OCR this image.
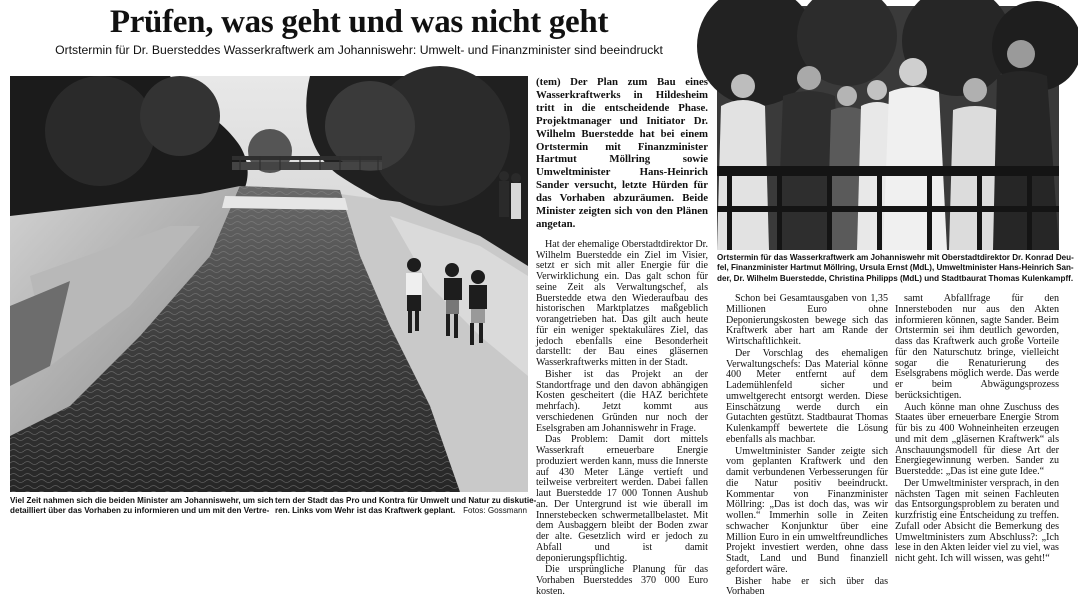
Prüfen, was geht und was nicht geht
Ortstermin für Dr. Buersteddes Wasserkraftwerk am Johanniswehr: Umwelt- und Finanzminister sind beeindruckt
Viel Zeit nahmen sich die beiden Minister am Johanniswehr, um sich
detailliert über das Vorhaben zu informieren und um mit den Vertre-
tern der Stadt das Pro und Kontra für Umwelt und Natur zu diskutie-
ren. Links vom Wehr ist das Kraftwerk geplant. Fotos: Gossmann

(tem) Der Plan zum Bau eines Wasserkraftwerks in Hildesheim tritt in die entscheidende Phase. Projektmanager und Initiator Dr. Wilhelm Buerstedde hat bei einem Ortstermin mit Finanzminister Hartmut Möllring sowie Umweltminister Hans-Heinrich Sander versucht, letzte Hürden für das Vorhaben abzuräumen. Beide Minister zeigten sich von den Plänen angetan.

Hat der ehemalige Oberstadtdirektor Dr. Wilhelm Buerstedde ein Ziel im Visier, setzt er sich mit aller Energie für die Verwirklichung ein. Das galt schon für seine Zeit als Verwaltungschef, als Buerstedde etwa den Wiederaufbau des historischen Marktplatzes maßgeblich vorangetrieben hat. Das gilt auch heute für ein weniger spektakuläres Ziel, das jedoch ebenfalls eine Besonderheit darstellt: der Bau eines gläsernen Wasserkraftwerks mitten in der Stadt.

Bisher ist das Projekt an der Standortfrage und den davon abhängigen Kosten gescheitert (die HAZ berichtete mehrfach). Jetzt kommt aus verschiedenen Gründen nur noch der Eselsgraben am Johanniswehr in Frage.

Das Problem: Damit dort mittels Wasserkraft erneuerbare Energie produziert werden kann, muss die Innerste auf 430 Meter Länge vertieft und teilweise verbreitert werden. Dabei fallen laut Buerstedde 17 000 Tonnen Aushub an. Der Untergrund ist wie überall im Innerstebecken schwermetallbelastet. Mit dem Ausbaggern bleibt der Boden zwar der alte. Gesetzlich wird er jedoch zu Abfall und ist damit deponierungspflichtig.

Die ursprüngliche Planung für das Vorhaben Buersteddes 370 000 Euro kosten.

Ortstermin für das Wasserkraftwerk am Johanniswehr mit Oberstadtdirektor Dr. Konrad Deu-
fel, Finanzminister Hartmut Möllring, Ursula Ernst (MdL), Umweltminister Hans-Heinrich San-
der, Dr. Wilhelm Buerstedde, Christina Philipps (MdL) und Stadtbaurat Thomas Kulenkampff.

Schon bei Gesamtausgaben von 1,35 Millionen Euro ohne Deponierungskosten bewege sich das Kraftwerk aber hart am Rande der Wirtschaftlichkeit.

Der Vorschlag des ehemaligen Verwaltungschefs: Das Material könne 400 Meter entfernt auf dem Lademühlenfeld sicher und umweltgerecht entsorgt werden. Diese Einschätzung werde durch ein Gutachten gestützt. Stadtbaurat Thomas Kulenkampff bewertete die Lösung ebenfalls als machbar.

Umweltminister Sander zeigte sich vom geplanten Kraftwerk und den damit verbundenen Verbesserungen für die Natur positiv beeindruckt. Kommentar von Finanzminister Möllring: „Das ist doch das, was wir wollen.“ Immerhin solle in Zeiten schwacher Konjunktur über eine Million Euro in ein umweltfreundliches Projekt investiert werden, ohne dass Stadt, Land und Bund finanziell gefordert wäre.

Bisher habe er sich über das Vorhaben

samt Abfallfrage für den Innersteboden nur aus den Akten informieren können, sagte Sander. Beim Ortstermin sei ihm deutlich geworden, dass das Kraftwerk auch große Vorteile für den Naturschutz bringe, vielleicht sogar die Renaturierung des Eselsgrabens möglich werde. Das werde er beim Abwägungsprozess berücksichtigen.

Auch könne man ohne Zuschuss des Staates über erneuerbare Energie Strom für bis zu 400 Wohneinheiten erzeugen und mit dem „gläsernen Kraftwerk“ als Anschauungsmodell für diese Art der Energiegewinnung werben. Sander zu Buerstedde: „Das ist eine gute Idee.“

Der Umweltminister versprach, in den nächsten Tagen mit seinen Fachleuten das Entsorgungsproblem zu beraten und kurzfristig eine Entscheidung zu treffen. Zufall oder Absicht die Bemerkung des Umweltministers zum Abschluss?: „Ich lese in den Akten leider viel zu viel, was nicht geht. Ich will wissen, was geht!“
